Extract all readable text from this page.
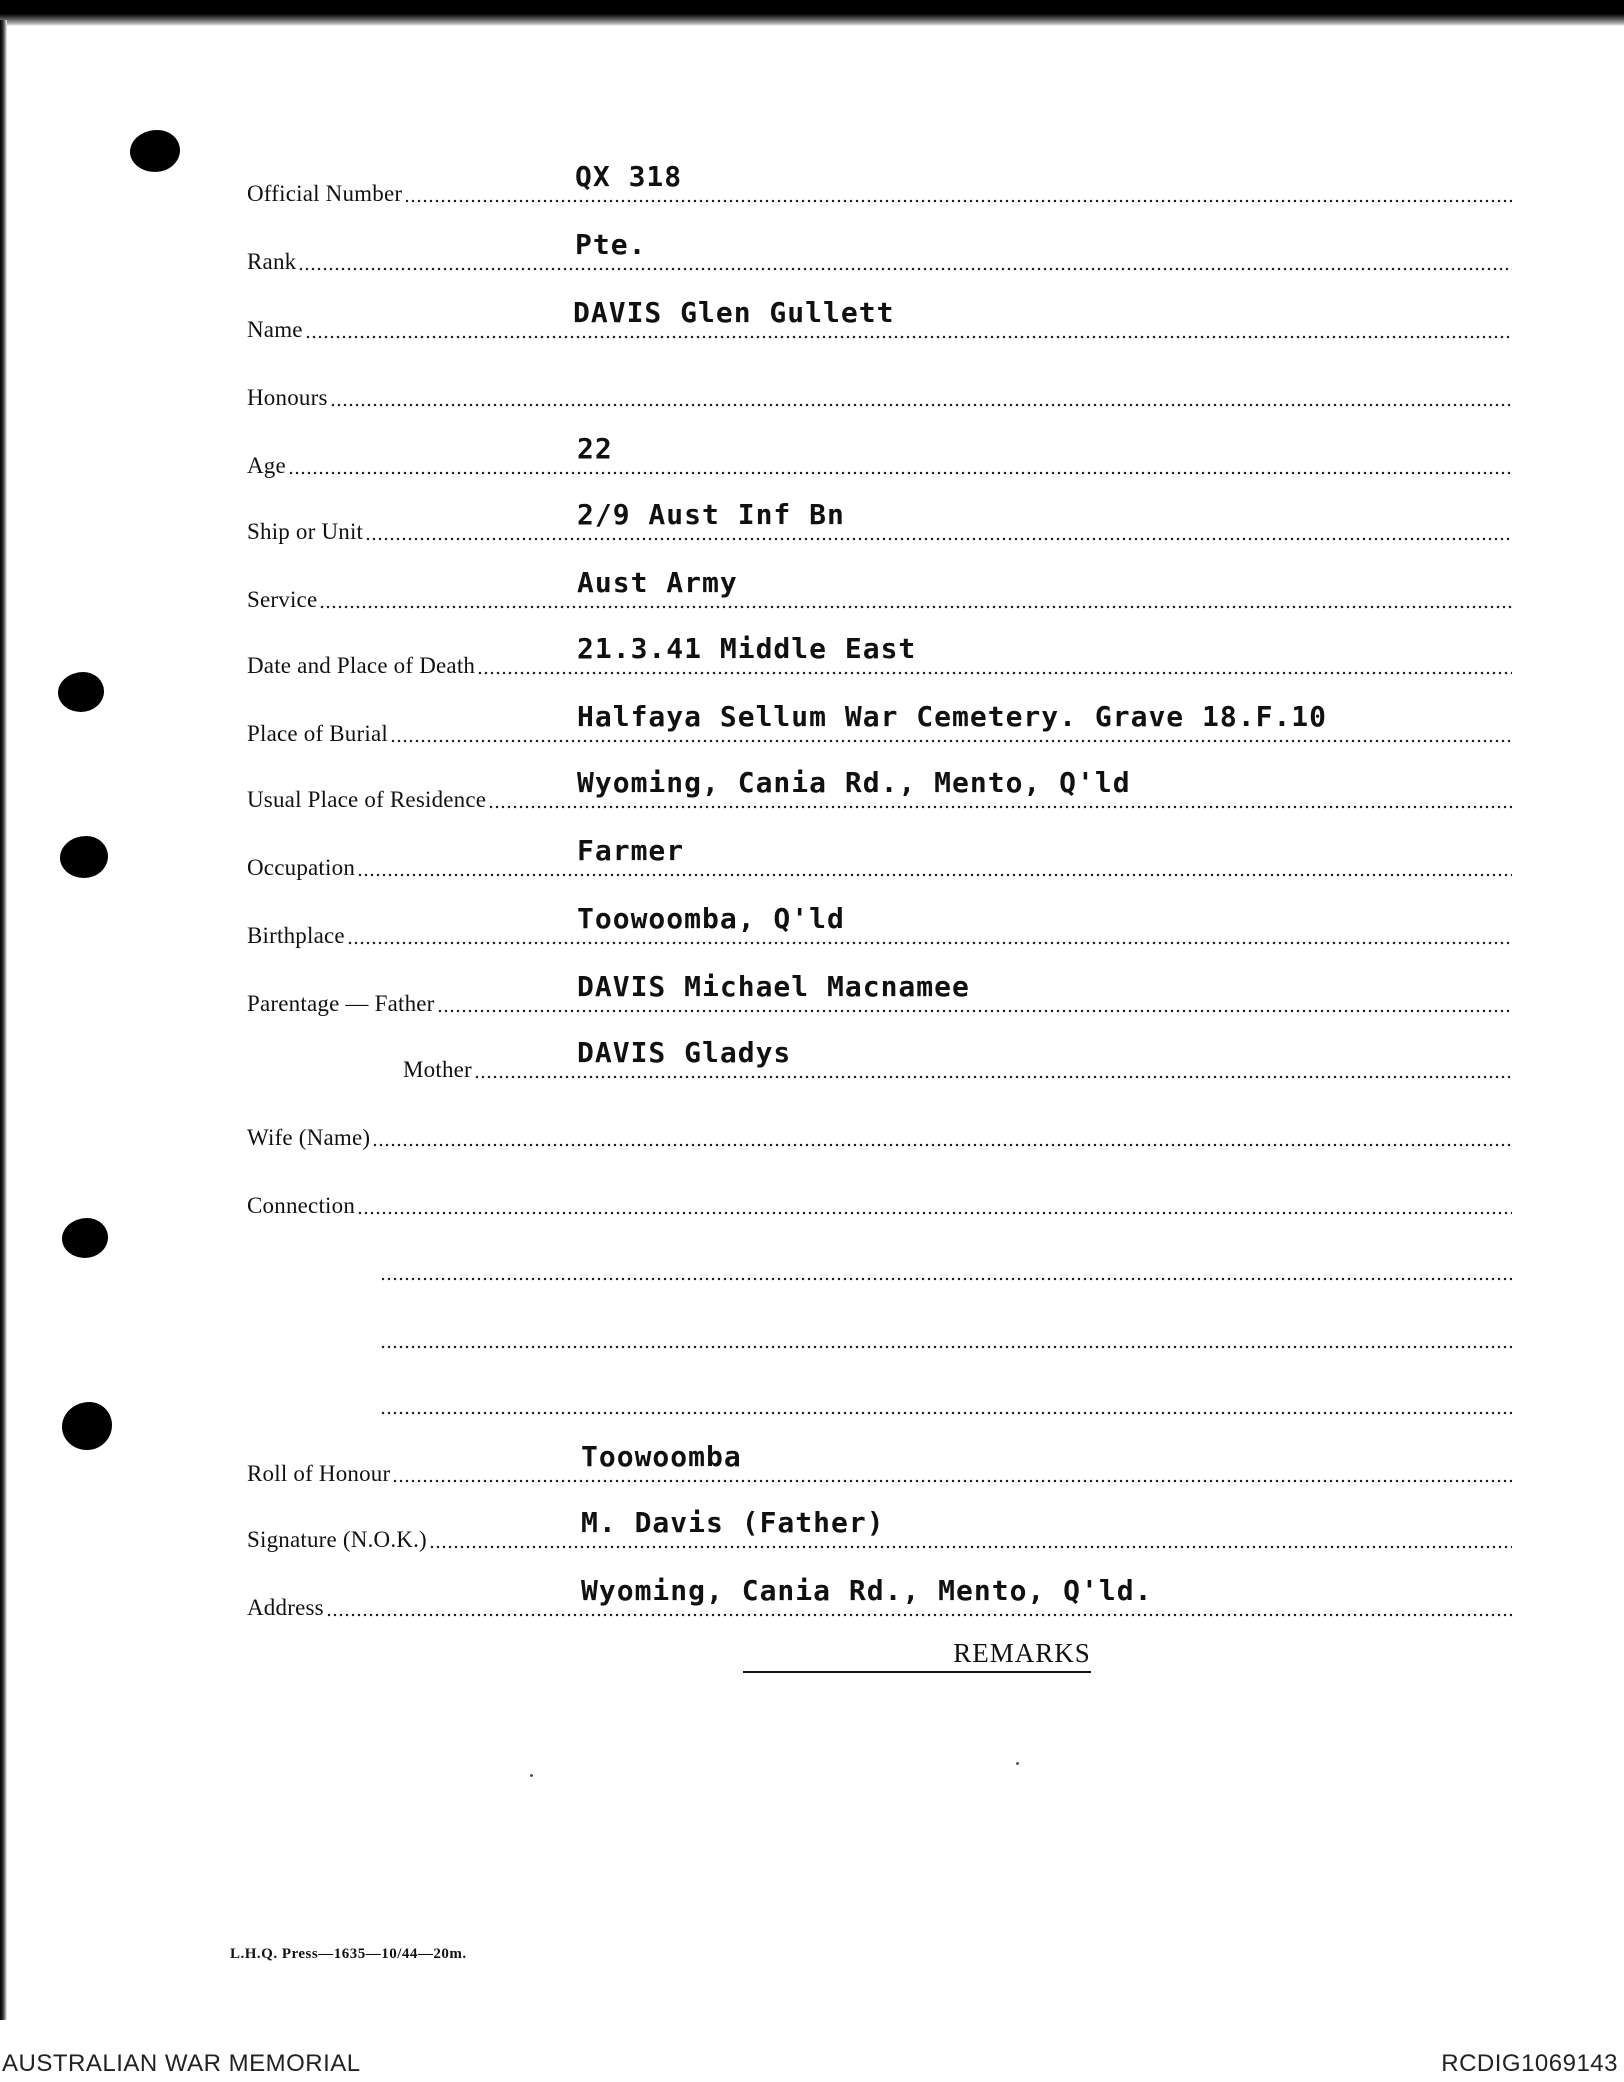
Official Number
QX 318
Rank
Pte.
Name
DAVIS Glen Gullett
Honours
Age
22
Ship or Unit
2/9 Aust Inf Bn
Service
Aust Army
Date and Place of Death
21.3.41 Middle East
Place of Burial
Halfaya Sellum War Cemetery. Grave 18.F.10
Usual Place of Residence
Wyoming, Cania Rd., Mento, Q'ld
Occupation
Farmer
Birthplace
Toowoomba, Q'ld
Parentage — Father
DAVIS Michael Macnamee
Mother
DAVIS Gladys
Wife (Name)
Connection
Roll of Honour
Toowoomba
Signature (N.O.K.)
M. Davis (Father)
Address
Wyoming, Cania Rd., Mento, Q'ld.
REMARKS
L.H.Q. Press—1635—10/44—20m.
AUSTRALIAN WAR MEMORIAL	RCDIG1069143
